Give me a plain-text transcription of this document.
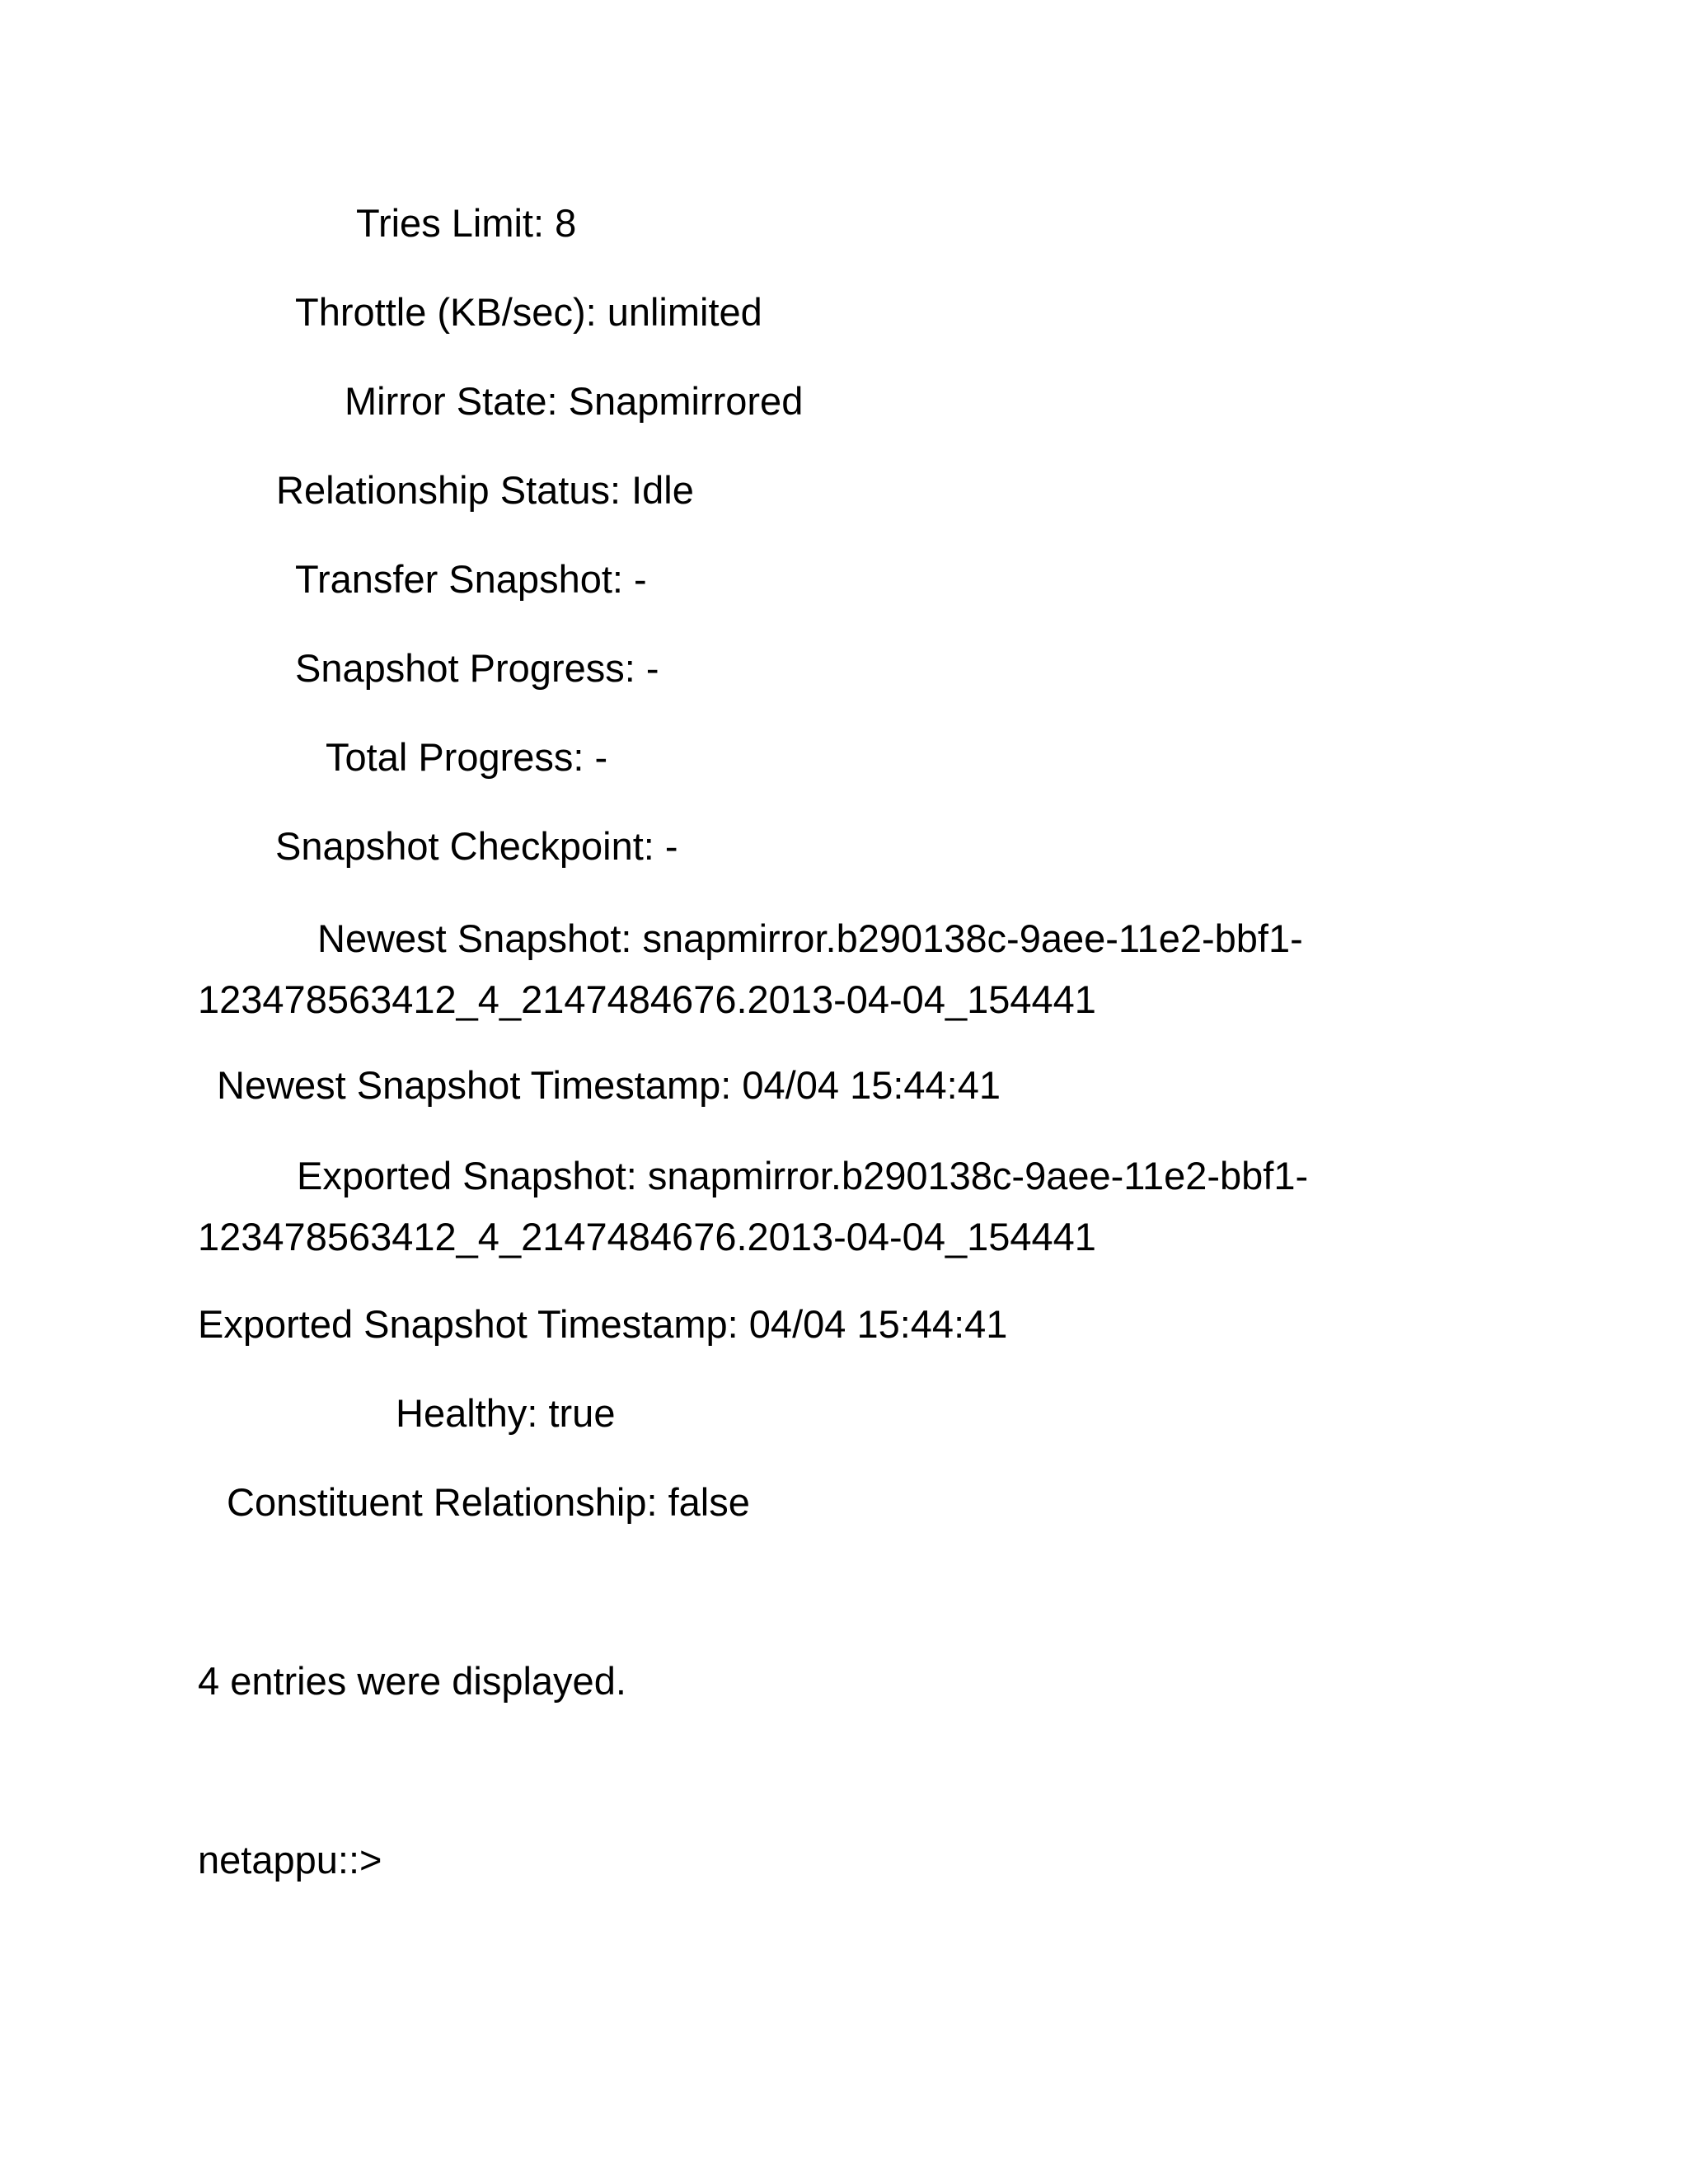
Tries Limit: 8
Throttle (KB/sec): unlimited
Mirror State: Snapmirrored
Relationship Status: Idle
Transfer Snapshot: -
Snapshot Progress: -
Total Progress: -
Snapshot Checkpoint: -
Newest Snapshot: snapmirror.b290138c-9aee-11e2-bbf1-123478563412_4_2147484676.2013-04-04_154441
Newest Snapshot Timestamp: 04/04 15:44:41
Exported Snapshot: snapmirror.b290138c-9aee-11e2-bbf1-123478563412_4_2147484676.2013-04-04_154441
Exported Snapshot Timestamp: 04/04 15:44:41
Healthy: true
Constituent Relationship: false
4 entries were displayed.
netappu::>
